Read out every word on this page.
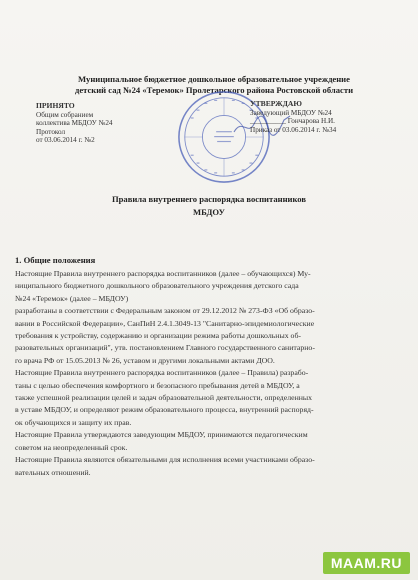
Муниципальное бюджетное дошкольное образовательное учреждение
детский сад №24 «Теремок» Пролетарского района Ростовской области
ПРИНЯТО
Общим собранием
коллектива МБДОУ №24
Протокол
от 03.06.2014 г. №2
УТВЕРЖДАЮ
Заведующий МБДОУ №24
__________ Гончарова Н.И.
Приказ от 03.06.2014 г. №34
Правила внутреннего распорядка воспитанников
МБДОУ
1. Общие положения
Настоящие Правила внутреннего распорядка воспитанников (далее – обучающихся) Му-
ниципального бюджетного дошкольного образовательного учреждения детского сада
№24 «Теремок» (далее – МБДОУ)
разработаны в соответствии с Федеральным законом от 29.12.2012 № 273-ФЗ «Об образо-
вании в Российской Федерации», СанПиН 2.4.1.3049-13 "Санитарно-эпидемиологические
требования к устройству, содержанию и организации режима работы дошкольных об-
разовательных организаций", утв. постановлением Главного государственного санитарно-
го врача РФ от 15.05.2013 № 26, уставом и другими локальными актами ДОО.
Настоящие Правила внутреннего распорядка воспитанников (далее – Правила) разрабо-
таны с целью обеспечения комфортного и безопасного пребывания детей в МБДОУ, а
также успешной реализации целей и задач образовательной деятельности, определенных
в уставе МБДОУ, и определяют режим образовательного процесса, внутренний распоряд-
ок обучающихся и защиту их прав.
Настоящие Правила утверждаются заведующим МБДОУ, принимаются педагогическим
советом на неопределенный срок.
Настоящие Правила являются обязательными для исполнения всеми участниками образо-
вательных отношений.
MAAM.RU
